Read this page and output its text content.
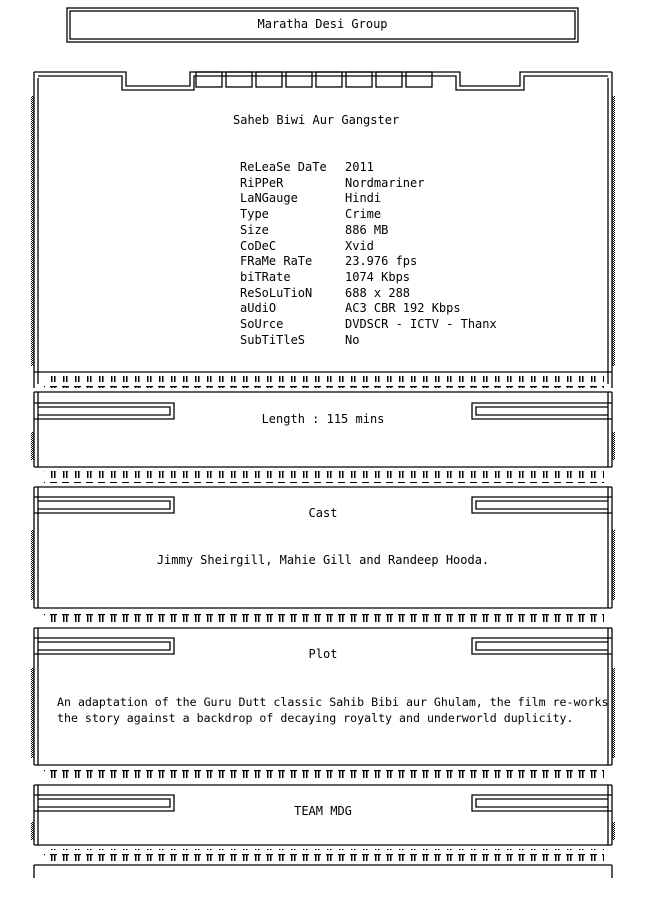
Maratha Desi Group
Saheb Biwi Aur Gangster
ReLeaSe DaTe	2011
RiPPeR	Nordmariner
LaNGauge	Hindi
Type	Crime
Size	886 MB
CoDeC	Xvid
FRaMe RaTe	23.976 fps
biTRate	1074 Kbps
ReSoLuTioN	688 x 288
aUdiO	AC3 CBR 192 Kbps
SoUrce	DVDSCR - ICTV - Thanx
SubTiTleS	No
Length : 115 mins
Cast
Jimmy Sheirgill, Mahie Gill and Randeep Hooda.
Plot
An adaptation of the Guru Dutt classic Sahib Bibi aur Ghulam, the film re-works
the story against a backdrop of decaying royalty and underworld duplicity.
TEAM MDG
